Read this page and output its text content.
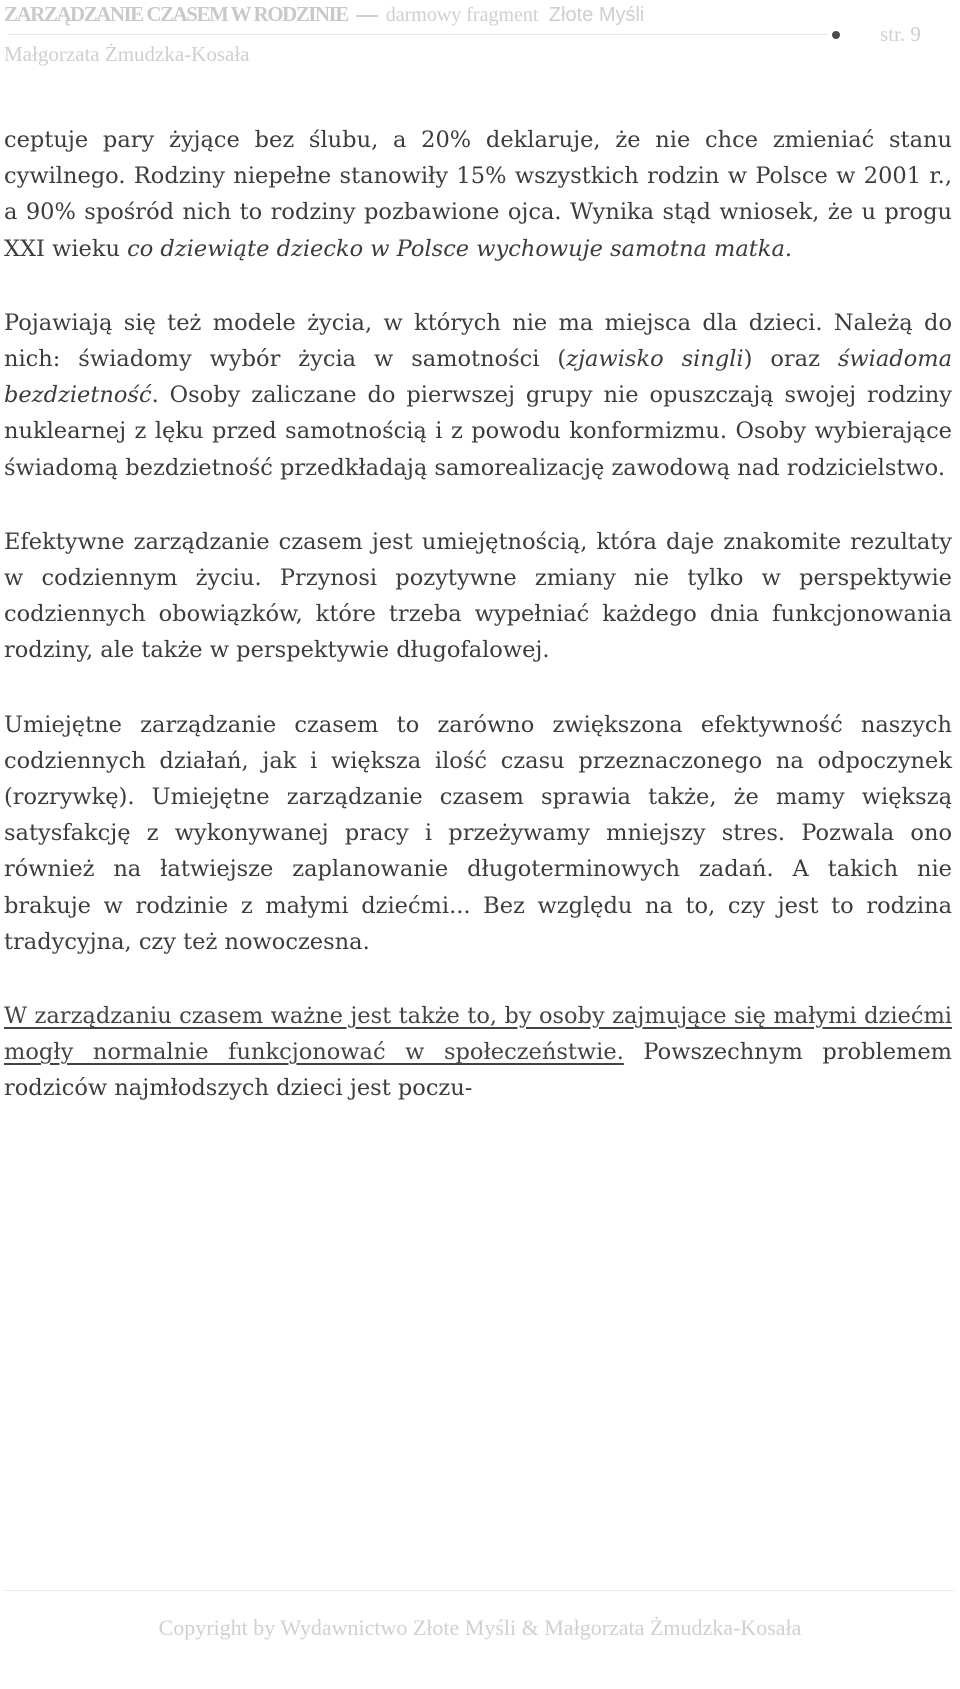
ZARZĄDZANIE CZASEM W RODZINIE darmowy fragment Złote Myśli
str. 9
Małgorzata Żmudzka-Kosała

ceptuje pary żyjące bez ślubu, a 20% deklaruje, że nie chce zmieniać stanu cywilnego. Rodziny niepełne stanowiły 15% wszystkich rodzin w Polsce w 2001 r., a 90% spośród nich to rodziny pozbawione ojca. Wynika stąd wniosek, że u progu XXI wieku co dziewiąte dziecko w Polsce wychowuje samotna matka.

Pojawiają się też modele życia, w których nie ma miejsca dla dzieci. Należą do nich: świadomy wybór życia w samotności (zjawisko singli) oraz świadoma bezdzietność. Osoby zaliczane do pierwszej grupy nie opuszczają swojej rodziny nuklearnej z lęku przed samotnością i z powodu konformizmu. Osoby wybierające świadomą bezdzietność przedkładają samorealizację zawodową nad rodzicielstwo.

Efektywne zarządzanie czasem jest umiejętnością, która daje znakomite rezultaty w codziennym życiu. Przynosi pozytywne zmiany nie tylko w perspektywie codziennych obowiązków, które trzeba wypełniać każdego dnia funkcjonowania rodziny, ale także w perspektywie długofalowej.

Umiejętne zarządzanie czasem to zarówno zwiększona efektywność naszych codziennych działań, jak i większa ilość czasu przeznaczonego na odpoczynek (rozrywkę). Umiejętne zarządzanie czasem sprawia także, że mamy większą satysfakcję z wykonywanej pracy i przeżywamy mniejszy stres. Pozwala ono również na łatwiejsze zaplanowanie długoterminowych zadań. A takich nie brakuje w rodzinie z małymi dziećmi... Bez względu na to, czy jest to rodzina tradycyjna, czy też nowoczesna.

W zarządzaniu czasem ważne jest także to, by osoby zajmujące się małymi dziećmi mogły normalnie funkcjonować w społeczeństwie. Powszechnym problemem rodziców najmłodszych dzieci jest poczu-

Copyright by Wydawnictwo Złote Myśli & Małgorzata Żmudzka-Kosała
